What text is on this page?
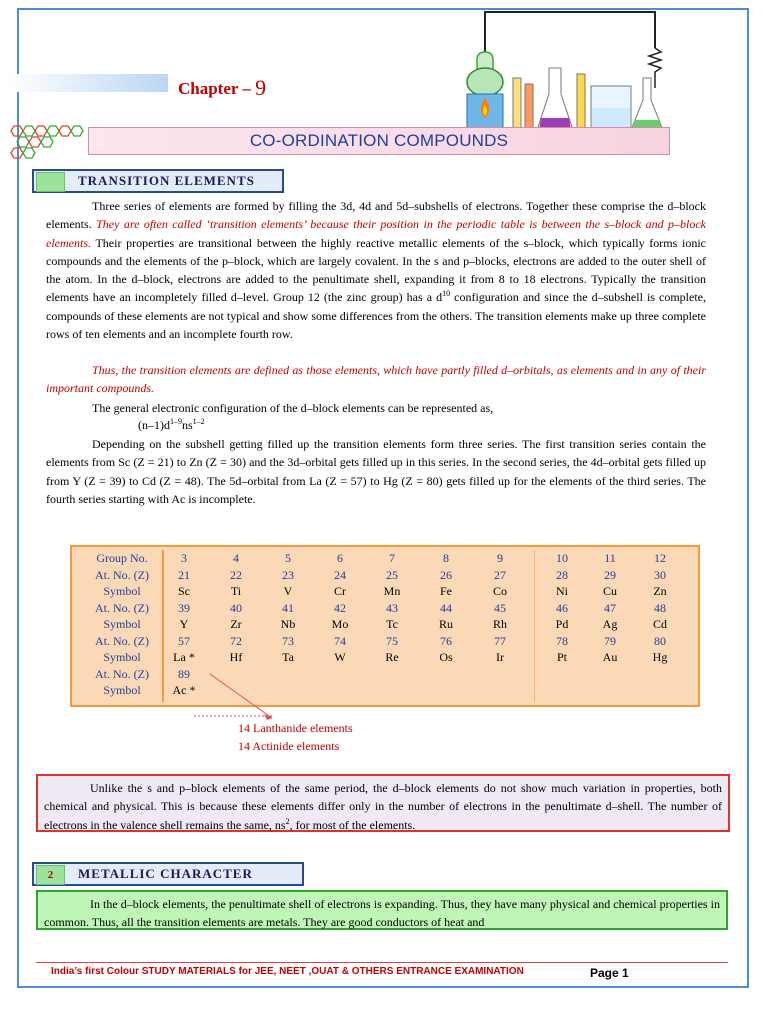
Chapter – 9
CO-ORDINATION COMPOUNDS
TRANSITION ELEMENTS
Three series of elements are formed by filling the 3d, 4d and 5d–subshells of electrons. Together these comprise the d–block elements. They are often called ‘transition elements’ because their position in the periodic table is between the s–block and p–block elements. Their properties are transitional between the highly reactive metallic elements of the s–block, which typically forms ionic compounds and the elements of the p–block, which are largely covalent. In the s and p–blocks, electrons are added to the outer shell of the atom. In the d–block, electrons are added to the penultimate shell, expanding it from 8 to 18 electrons. Typically the transition elements have an incompletely filled d–level. Group 12 (the zinc group) has a $d^{10}$ configuration and since the d–subshell is complete, compounds of these elements are not typical and show some differences from the others. The transition elements make up three complete rows of ten elements and an incomplete fourth row.
Thus, the transition elements are defined as those elements, which have partly filled d–orbitals, as elements and in any of their important compounds.
The general electronic configuration of the d–block elements can be represented as,
$(n-1)d^{1-9}ns^{1-2}$
Depending on the subshell getting filled up the transition elements form three series. The first transition series contain the elements from Sc (Z = 21) to Zn (Z = 30) and the 3d–orbital gets filled up in this series. In the second series, the 4d–orbital gets filled up from Y (Z = 39) to Cd (Z = 48). The 5d–orbital from La (Z = 57) to Hg (Z = 80) gets filled up for the elements of the third series. The fourth series starting with Ac is incomplete.
Group No.	3	4	5	6	7	8	9	10	11	12
At. No. (Z)	21	22	23	24	25	26	27	28	29	30
Symbol	Sc	Ti	V	Cr	Mn	Fe	Co	Ni	Cu	Zn
At. No. (Z)	39	40	41	42	43	44	45	46	47	48
Symbol	Y	Zr	Nb	Mo	Tc	Ru	Rh	Pd	Ag	Cd
At. No. (Z)	57	72	73	74	75	76	77	78	79	80
Symbol	La *	Hf	Ta	W	Re	Os	Ir	Pt	Au	Hg
At. No. (Z)	89
Symbol	Ac *
14 Lanthanide elements
14 Actinide elements
Unlike the s and p–block elements of the same period, the d–block elements do not show much variation in properties, both chemical and physical. This is because these elements differ only in the number of electrons in the penultimate d–shell. The number of electrons in the valence shell remains the same, $ns^2$, for most of the elements.
2	METALLIC CHARACTER
In the d–block elements, the penultimate shell of electrons is expanding. Thus, they have many physical and chemical properties in common. Thus, all the transition elements are metals. They are good conductors of heat and
India’s first Colour STUDY MATERIALS for JEE, NEET ,OUAT & OTHERS ENTRANCE EXAMINATION	Page 1
